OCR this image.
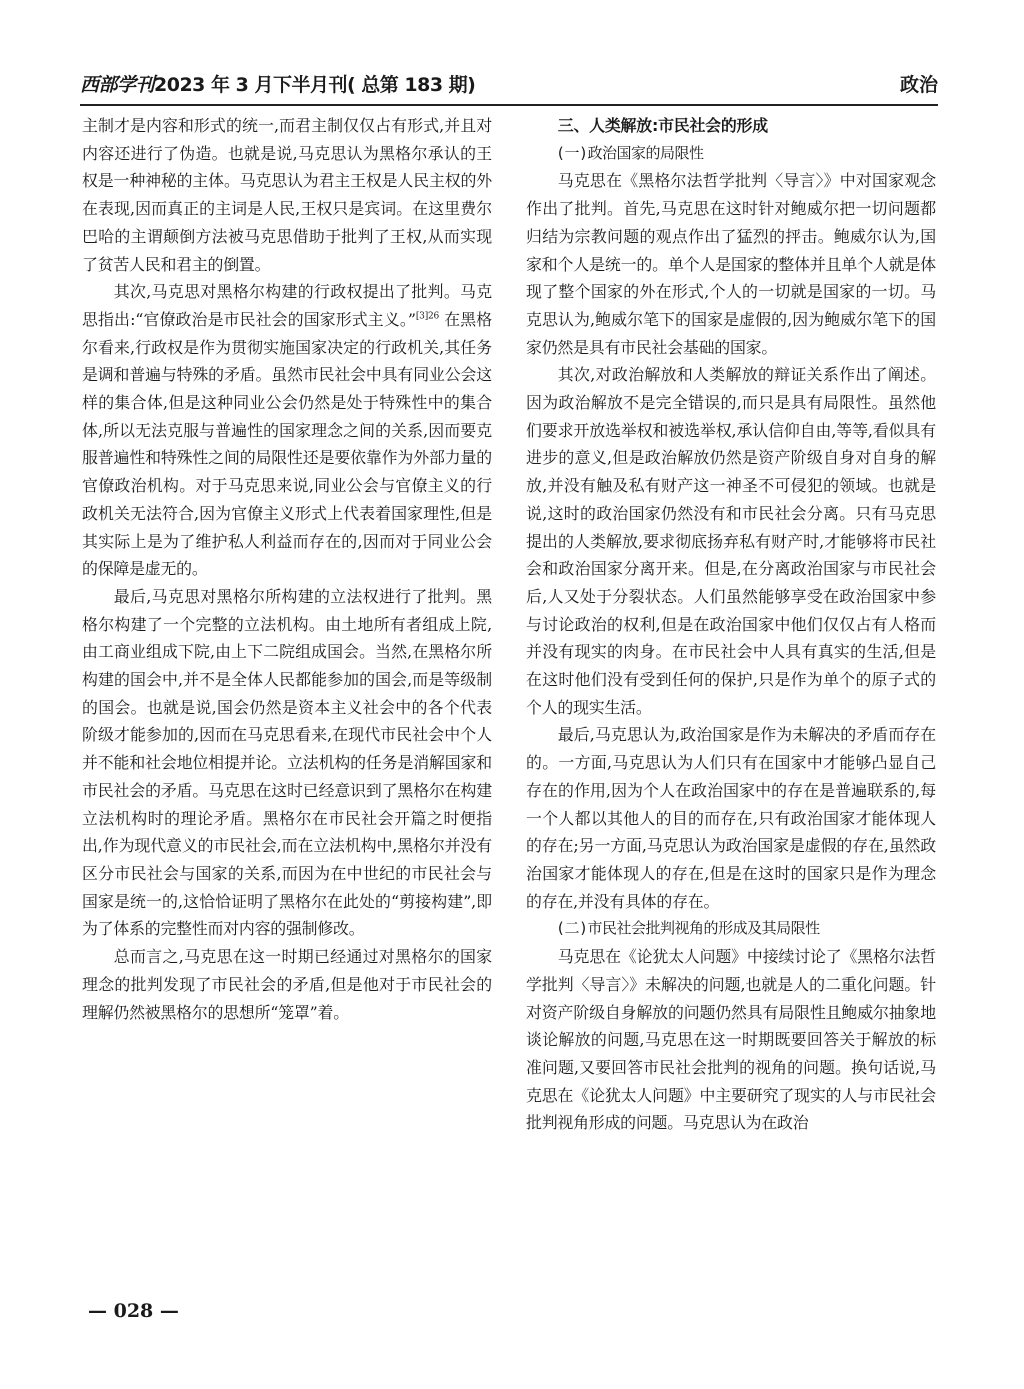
西部学刊2023 年 3 月下半月刊( 总第 183 期)	政治

主制才是内容和形式的统一,而君主制仅仅占有形式,并且对内容还进行了伪造。也就是说,马克思认为黑格尔承认的王权是一种神秘的主体。马克思认为君主王权是人民主权的外在表现,因而真正的主词是人民,王权只是宾词。在这里费尔巴哈的主谓颠倒方法被马克思借助于批判了王权,从而实现了贫苦人民和君主的倒置。

其次,马克思对黑格尔构建的行政权提出了批判。马克思指出:“官僚政治是市民社会的国家形式主义。”$^{[3]26}$ 在黑格尔看来,行政权是作为贯彻实施国家决定的行政机关,其任务是调和普遍与特殊的矛盾。虽然市民社会中具有同业公会这样的集合体,但是这种同业公会仍然是处于特殊性中的集合体,所以无法克服与普遍性的国家理念之间的关系,因而要克服普遍性和特殊性之间的局限性还是要依靠作为外部力量的官僚政治机构。对于马克思来说,同业公会与官僚主义的行政机关无法符合,因为官僚主义形式上代表着国家理性,但是其实际上是为了维护私人利益而存在的,因而对于同业公会的保障是虚无的。

最后,马克思对黑格尔所构建的立法权进行了批判。黑格尔构建了一个完整的立法机构。由土地所有者组成上院,由工商业组成下院,由上下二院组成国会。当然,在黑格尔所构建的国会中,并不是全体人民都能参加的国会,而是等级制的国会。也就是说,国会仍然是资本主义社会中的各个代表阶级才能参加的,因而在马克思看来,在现代市民社会中个人并不能和社会地位相提并论。立法机构的任务是消解国家和市民社会的矛盾。马克思在这时已经意识到了黑格尔在构建立法机构时的理论矛盾。黑格尔在市民社会开篇之时便指出,作为现代意义的市民社会,而在立法机构中,黑格尔并没有区分市民社会与国家的关系,而因为在中世纪的市民社会与国家是统一的,这恰恰证明了黑格尔在此处的“剪接构建”,即为了体系的完整性而对内容的强制修改。

总而言之,马克思在这一时期已经通过对黑格尔的国家理念的批判发现了市民社会的矛盾,但是他对于市民社会的理解仍然被黑格尔的思想所“笼罩”着。

三、人类解放:市民社会的形成
(一)政治国家的局限性

马克思在《黑格尔法哲学批判〈导言〉》中对国家观念作出了批判。首先,马克思在这时针对鲍威尔把一切问题都归结为宗教问题的观点作出了猛烈的抨击。鲍威尔认为,国家和个人是统一的。单个人是国家的整体并且单个人就是体现了整个国家的外在形式,个人的一切就是国家的一切。马克思认为,鲍威尔笔下的国家是虚假的,因为鲍威尔笔下的国家仍然是具有市民社会基础的国家。

其次,对政治解放和人类解放的辩证关系作出了阐述。因为政治解放不是完全错误的,而只是具有局限性。虽然他们要求开放选举权和被选举权,承认信仰自由,等等,看似具有进步的意义,但是政治解放仍然是资产阶级自身对自身的解放,并没有触及私有财产这一神圣不可侵犯的领域。也就是说,这时的政治国家仍然没有和市民社会分离。只有马克思提出的人类解放,要求彻底扬弃私有财产时,才能够将市民社会和政治国家分离开来。但是,在分离政治国家与市民社会后,人又处于分裂状态。人们虽然能够享受在政治国家中参与讨论政治的权利,但是在政治国家中他们仅仅占有人格而并没有现实的肉身。在市民社会中人具有真实的生活,但是在这时他们没有受到任何的保护,只是作为单个的原子式的个人的现实生活。

最后,马克思认为,政治国家是作为未解决的矛盾而存在的。一方面,马克思认为人们只有在国家中才能够凸显自己存在的作用,因为个人在政治国家中的存在是普遍联系的,每一个人都以其他人的目的而存在,只有政治国家才能体现人的存在;另一方面,马克思认为政治国家是虚假的存在,虽然政治国家才能体现人的存在,但是在这时的国家只是作为理念的存在,并没有具体的存在。

(二)市民社会批判视角的形成及其局限性

马克思在《论犹太人问题》中接续讨论了《黑格尔法哲学批判〈导言〉》未解决的问题,也就是人的二重化问题。针对资产阶级自身解放的问题仍然具有局限性且鲍威尔抽象地谈论解放的问题,马克思在这一时期既要回答关于解放的标准问题,又要回答市民社会批判的视角的问题。换句话说,马克思在《论犹太人问题》中主要研究了现实的人与市民社会批判视角形成的问题。马克思认为在政治

— 028 —
